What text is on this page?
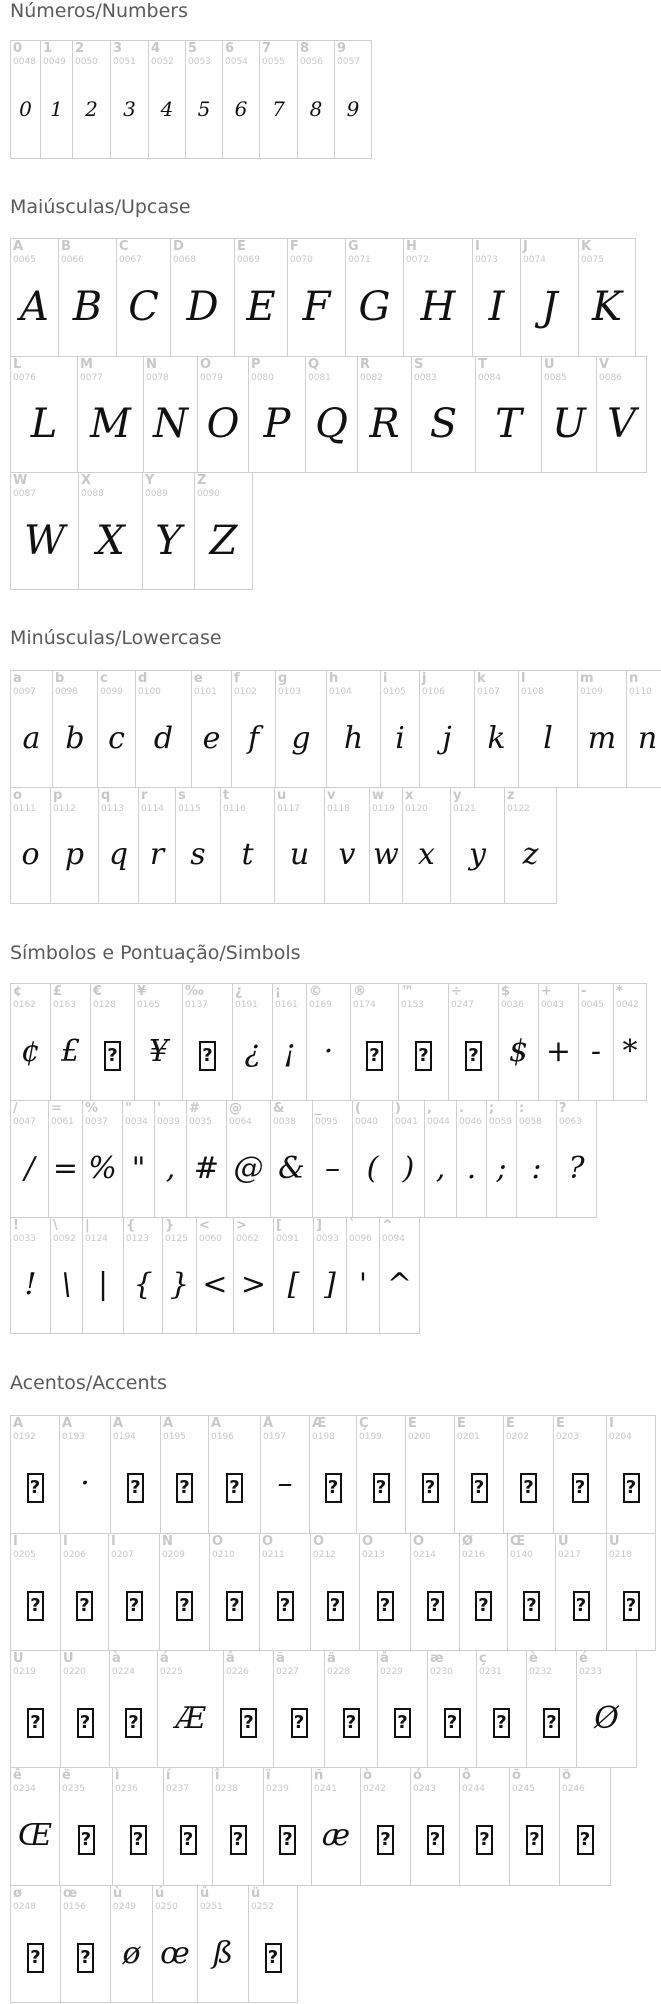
Números/Numbers
0
0048
0
1
0049
1
2
0050
2
3
0051
3
4
0052
4
5
0053
5
6
0054
6
7
0055
7
8
0056
8
9
0057
9
Maiúsculas/Upcase
A
0065
A
B
0066
B
C
0067
C
D
0068
D
E
0069
E
F
0070
F
G
0071
G
H
0072
H
I
0073
I
J
0074
J
K
0075
K
L
0076
L
M
0077
M
N
0078
N
O
0079
O
P
0080
P
Q
0081
Q
R
0082
R
S
0083
S
T
0084
T
U
0085
U
V
0086
V
W
0087
W
X
0088
X
Y
0089
Y
Z
0090
Z
Minúsculas/Lowercase
a
0097
a
b
0098
b
c
0099
c
d
0100
d
e
0101
e
f
0102
f
g
0103
g
h
0104
h
i
0105
i
j
0106
j
k
0107
k
l
0108
l
m
0109
m
n
0110
n
o
0111
o
p
0112
p
q
0113
q
r
0114
r
s
0115
s
t
0116
t
u
0117
u
v
0118
v
w
0119
w
x
0120
x
y
0121
y
z
0122
z
Símbolos e Pontuação/Simbols
¢
0162
¢
£
0163
£
€
0128
?
¥
0165
¥
‰
0137
?
¿
0191
¿
¡
0161
¡
©
0169
·
®
0174
?
™
0153
?
÷
0247
?
$
0036
$
+
0043
+
-
0045
-
*
0042
*
/
0047
/
=
0061
=
%
0037
%
"
0034
"
'
0039
,
#
0035
#
@
0064
@
&
0038
&
_
0095
–
(
0040
(
)
0041
)
,
0044
,
.
0046
.
;
0059
;
:
0058
:
?
0063
?
!
0033
!
\
0092
\
|
0124
|
{
0123
{
}
0125
}
<
0060
<
>
0062
>
[
0091
[
]
0093
]
`
0096
'
^
0094
^
Acentos/Accents
À
0192
?
Á
0193
·
Â
0194
?
Ã
0195
?
Ä
0196
?
Å
0197
–
Æ
0198
?
Ç
0199
?
È
0200
?
É
0201
?
Ê
0202
?
Ë
0203
?
Ì
0204
?
Í
0205
?
Î
0206
?
Ï
0207
?
Ñ
0209
?
Ò
0210
?
Ó
0211
?
Ô
0212
?
Õ
0213
?
Ö
0214
?
Ø
0216
?
Œ
0140
?
Ù
0217
?
Ú
0218
?
Û
0219
?
Ü
0220
?
à
0224
?
á
0225
Æ
â
0226
?
ã
0227
?
ä
0228
?
å
0229
?
æ
0230
?
ç
0231
?
è
0232
?
é
0233
Ø
ê
0234
Œ
ë
0235
?
ì
0236
?
í
0237
?
î
0238
?
ï
0239
?
ñ
0241
æ
ò
0242
?
ó
0243
?
ô
0244
?
õ
0245
?
ö
0246
?
ø
0248
?
œ
0156
?
ù
0249
ø
ú
0250
œ
û
0251
ß
ü
0252
?
